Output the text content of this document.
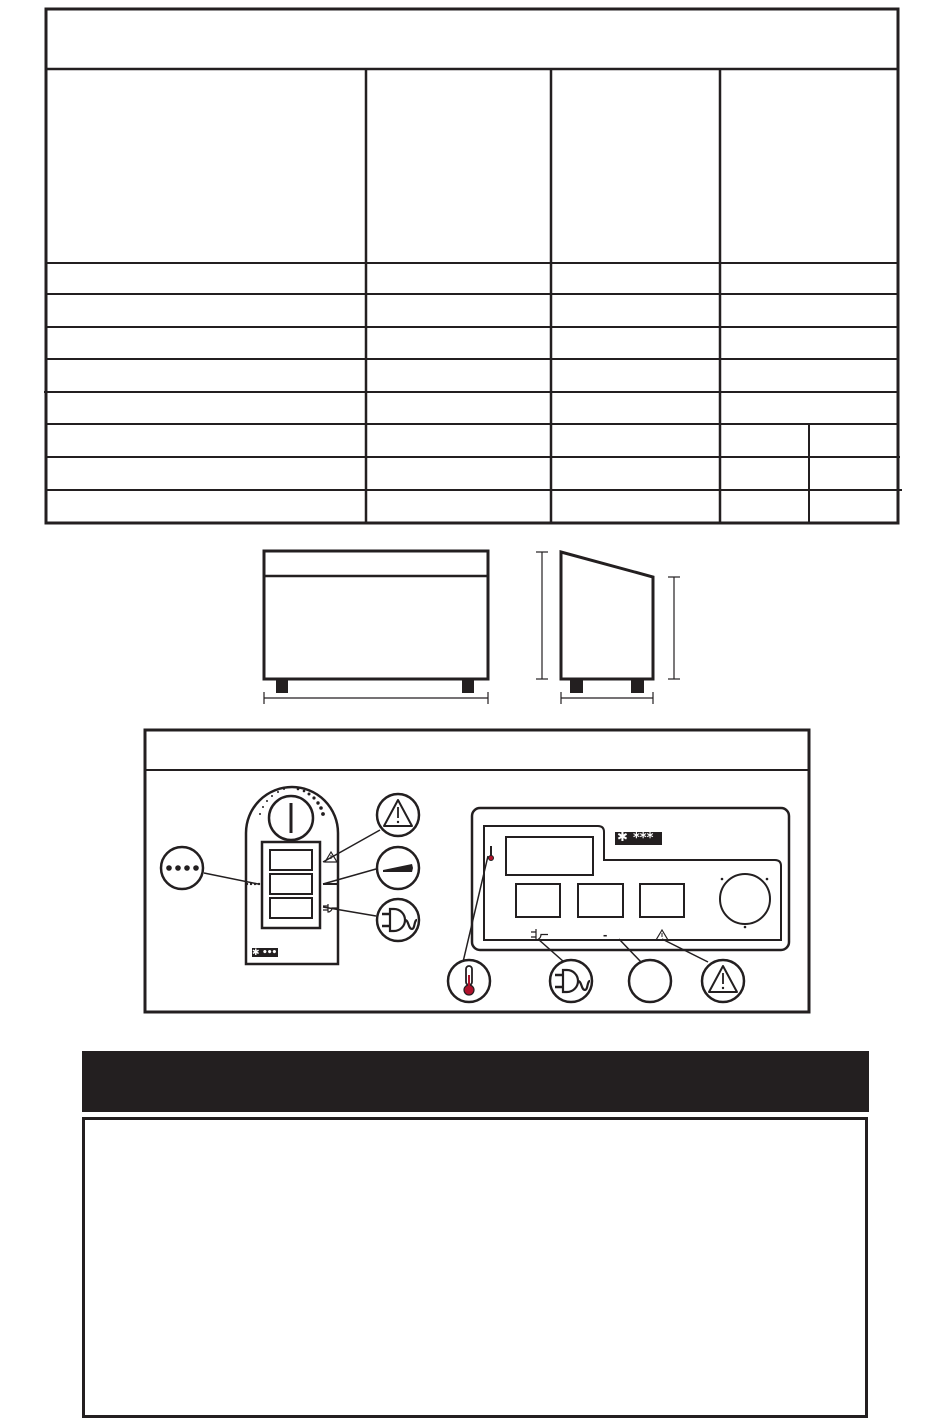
✱ •••
✱ ***
-
